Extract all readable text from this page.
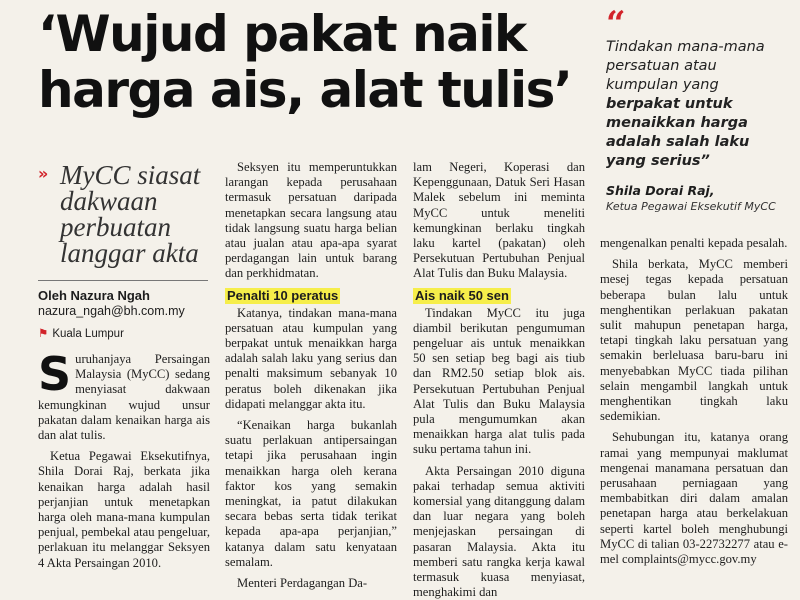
‘Wujud pakat naik
harga ais, alat tulis’
“
Tindakan mana-mana persatuan atau kumpulan yang berpakat untuk menaikkan harga adalah salah laku yang serius”
Shila Dorai Raj,
Ketua Pegawai Eksekutif MyCC
» MyCC siasat dakwaan perbuatan langgar akta
Oleh Nazura Ngah
nazura_ngah@bh.com.my
⚑ Kuala Lumpur

Suruhanjaya Persaingan Malaysia (MyCC) sedang menyiasat dakwaan kemungkinan wujud unsur pakatan dalam kenaikan harga ais dan alat tulis.

Ketua Pegawai Eksekutifnya, Shila Dorai Raj, berkata jika kenaikan harga adalah hasil perjanjian untuk menetapkan harga oleh mana-mana kumpulan penjual, pembekal atau pengeluar, perlakuan itu melanggar Seksyen 4 Akta Persaingan 2010.

Seksyen itu memperuntukkan larangan kepada perusahaan termasuk persatuan daripada menetapkan secara langsung atau tidak langsung suatu harga belian atau jualan atau apa-apa syarat perdagangan lain untuk barang dan perkhidmatan.

Penalti 10 peratus

Katanya, tindakan mana-mana persatuan atau kumpulan yang berpakat untuk menaikkan harga adalah salah laku yang serius dan penalti maksimum sebanyak 10 peratus boleh dikenakan jika didapati melanggar akta itu.

“Kenaikan harga bukanlah suatu perlakuan antipersaingan tetapi jika perusahaan ingin menaikkan harga oleh kerana faktor kos yang semakin meningkat, ia patut dilakukan secara bebas serta tidak terikat kepada apa-apa perjanjian,” katanya dalam satu kenyataan semalam.

Menteri Perdagangan Da-

lam Negeri, Koperasi dan Kepenggunaan, Datuk Seri Hasan Malek sebelum ini meminta MyCC untuk meneliti kemungkinan berlaku tingkah laku kartel (pakatan) oleh Persekutuan Pertubuhan Penjual Alat Tulis dan Buku Malaysia.

Ais naik 50 sen

Tindakan MyCC itu juga diambil berikutan pengumuman pengeluar ais untuk menaikkan 50 sen setiap beg bagi ais tiub dan RM2.50 setiap blok ais. Persekutuan Pertubuhan Penjual Alat Tulis dan Buku Malaysia pula mengumumkan akan menaikkan harga alat tulis pada suku pertama tahun ini.

Akta Persaingan 2010 diguna pakai terhadap semua aktiviti komersial yang ditanggung dalam dan luar negara yang boleh menjejaskan persaingan di pasaran Malaysia. Akta itu memberi satu rangka kerja kawal termasuk kuasa menyiasat, menghakimi dan

mengenalkan penalti kepada pesalah.

Shila berkata, MyCC memberi mesej tegas kepada persatuan beberapa bulan lalu untuk menghentikan perlakuan pakatan sulit mahupun penetapan harga, tetapi tingkah laku persatuan yang semakin berleluasa baru-baru ini menyebabkan MyCC tiada pilihan selain mengambil langkah untuk menghentikan tingkah laku sedemikian.

Sehubungan itu, katanya orang ramai yang mempunyai maklumat mengenai manamana persatuan dan perusahaan perniagaan yang membabitkan diri dalam amalan penetapan harga atau berkelakuan seperti kartel boleh menghubungi MyCC di talian 03-22732277 atau e-mel complaints@mycc.gov.my
